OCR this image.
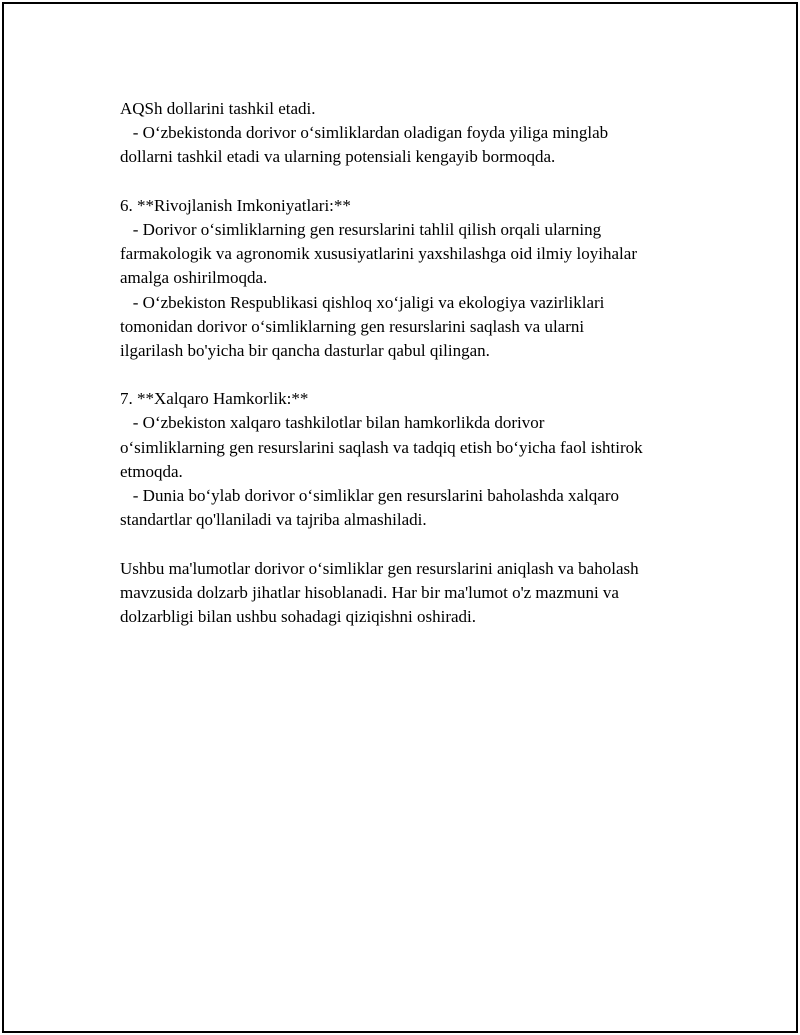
AQSh dollarini tashkil etadi.
- O‘zbekistonda dorivor o‘simliklardan oladigan foyda yiliga minglab
dollarni tashkil etadi va ularning potensiali kengayib bormoqda.
6. **Rivojlanish Imkoniyatlari:**
- Dorivor o‘simliklarning gen resurslarini tahlil qilish orqali ularning
farmakologik va agronomik xususiyatlarini yaxshilashga oid ilmiy loyihalar
amalga oshirilmoqda.
- O‘zbekiston Respublikasi qishloq xo‘jaligi va ekologiya vazirliklari
tomonidan dorivor o‘simliklarning gen resurslarini saqlash va ularni
ilgarilash bo'yicha bir qancha dasturlar qabul qilingan.
7. **Xalqaro Hamkorlik:**
- O‘zbekiston xalqaro tashkilotlar bilan hamkorlikda dorivor
o‘simliklarning gen resurslarini saqlash va tadqiq etish bo‘yicha faol ishtirok
etmoqda.
- Dunia bo‘ylab dorivor o‘simliklar gen resurslarini baholashda xalqaro
standartlar qo'llaniladi va tajriba almashiladi.
Ushbu ma'lumotlar dorivor o‘simliklar gen resurslarini aniqlash va baholash
mavzusida dolzarb jihatlar hisoblanadi. Har bir ma'lumot o'z mazmuni va
dolzarbligi bilan ushbu sohadagi qiziqishni oshiradi.
